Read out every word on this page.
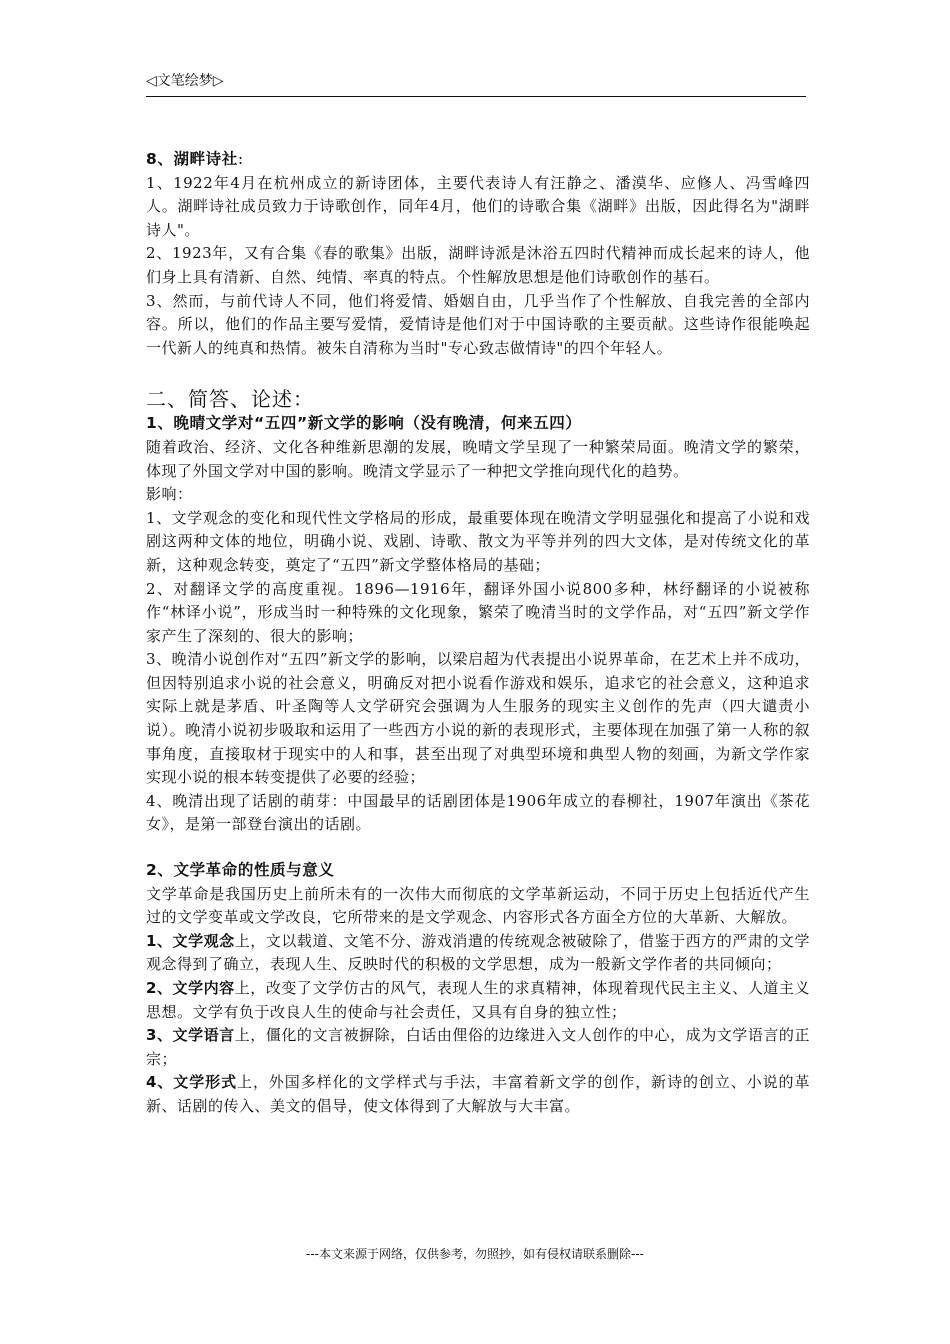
◁文笔绘梦▷

8、湖畔诗社:

1、1922年4月在杭州成立的新诗团体，主要代表诗人有汪静之、潘漠华、应修人、冯雪峰四人。湖畔诗社成员致力于诗歌创作，同年4月，他们的诗歌合集《湖畔》出版，因此得名为"湖畔诗人"。

2、1923年，又有合集《春的歌集》出版，湖畔诗派是沐浴五四时代精神而成长起来的诗人，他们身上具有清新、自然、纯情、率真的特点。个性解放思想是他们诗歌创作的基石。

3、然而，与前代诗人不同，他们将爱情、婚姻自由，几乎当作了个性解放、自我完善的全部内容。所以，他们的作品主要写爱情，爱情诗是他们对于中国诗歌的主要贡献。这些诗作很能唤起一代新人的纯真和热情。被朱自清称为当时"专心致志做情诗"的四个年轻人。

二、简答、论述：

1、晚晴文学对“五四”新文学的影响（没有晚清，何来五四）

随着政治、经济、文化各种维新思潮的发展，晚晴文学呈现了一种繁荣局面。晚清文学的繁荣，体现了外国文学对中国的影响。晚清文学显示了一种把文学推向现代化的趋势。

影响：

1、文学观念的变化和现代性文学格局的形成，最重要体现在晚清文学明显强化和提高了小说和戏剧这两种文体的地位，明确小说、戏剧、诗歌、散文为平等并列的四大文体，是对传统文化的革新，这种观念转变，奠定了“五四”新文学整体格局的基础；

2、对翻译文学的高度重视。1896—1916年，翻译外国小说800多种，林纾翻译的小说被称作“林译小说”，形成当时一种特殊的文化现象，繁荣了晚清当时的文学作品，对“五四”新文学作家产生了深刻的、很大的影响；

3、晚清小说创作对“五四”新文学的影响，以梁启超为代表提出小说界革命，在艺术上并不成功，但因特别追求小说的社会意义，明确反对把小说看作游戏和娱乐，追求它的社会意义，这种追求实际上就是茅盾、叶圣陶等人文学研究会强调为人生服务的现实主义创作的先声（四大谴责小说）。晚清小说初步吸取和运用了一些西方小说的新的表现形式，主要体现在加强了第一人称的叙事角度，直接取材于现实中的人和事，甚至出现了对典型环境和典型人物的刻画，为新文学作家实现小说的根本转变提供了必要的经验；

4、晚清出现了话剧的萌芽：中国最早的话剧团体是1906年成立的春柳社，1907年演出《茶花女》，是第一部登台演出的话剧。

2、文学革命的性质与意义

文学革命是我国历史上前所未有的一次伟大而彻底的文学革新运动，不同于历史上包括近代产生过的文学变革或文学改良，它所带来的是文学观念、内容形式各方面全方位的大革新、大解放。

1、文学观念上，文以载道、文笔不分、游戏消遣的传统观念被破除了，借鉴于西方的严肃的文学观念得到了确立，表现人生、反映时代的积极的文学思想，成为一般新文学作者的共同倾向；

2、文学内容上，改变了文学仿古的风气，表现人生的求真精神，体现着现代民主主义、人道主义思想。文学有负于改良人生的使命与社会责任，又具有自身的独立性；

3、文学语言上，僵化的文言被摒除，白话由俚俗的边缘进入文人创作的中心，成为文学语言的正宗；

4、文学形式上，外国多样化的文学样式与手法，丰富着新文学的创作，新诗的创立、小说的革新、话剧的传入、美文的倡导，使文体得到了大解放与大丰富。

---本文来源于网络，仅供参考，勿照抄，如有侵权请联系删除---
